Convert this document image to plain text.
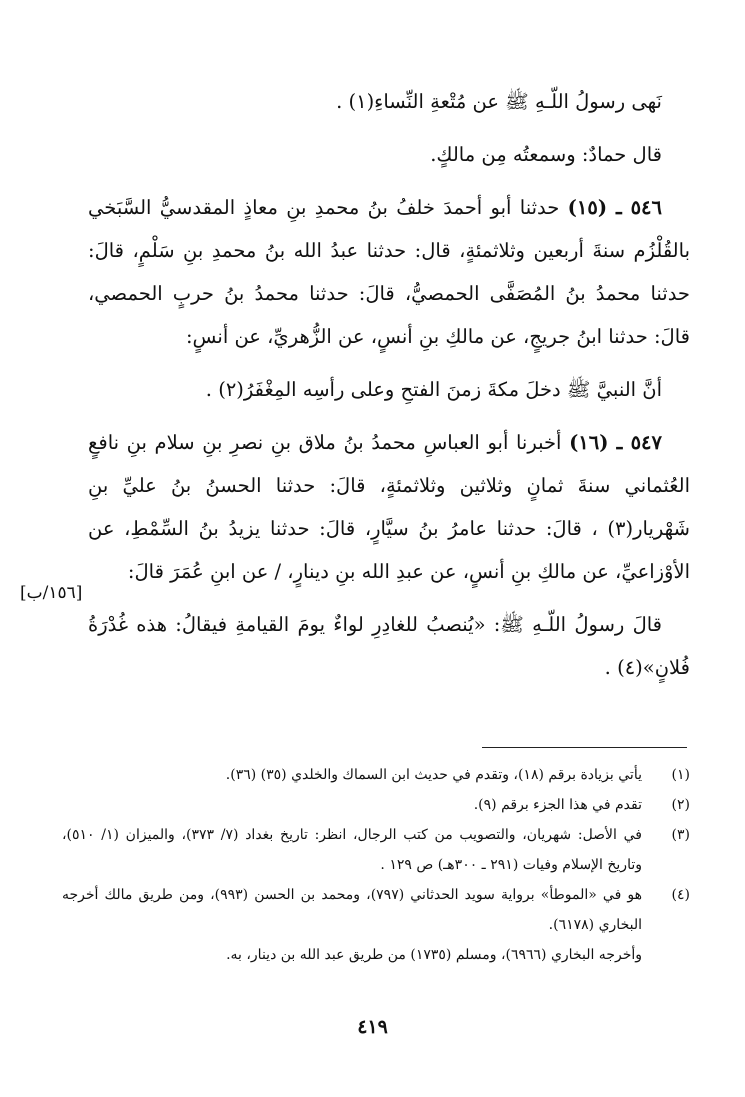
نَهى رسولُ اللّـهِ ﷺ عن مُتْعةِ النِّساءِ(١) .

قال حمادٌ: وسمعتُه مِن مالكٍ.

٥٤٦ ـ (١٥) حدثنا أبو أحمدَ خلفُ بنُ محمدِ بنِ معاذٍ المقدسيُّ السَّبَخي بالقُلْزُم سنةَ أربعين وثلاثمئةٍ، قال: حدثنا عبدُ الله بنُ محمدِ بنِ سَلْمٍ، قالَ: حدثنا محمدُ بنُ المُصَفَّى الحمصيُّ، قالَ: حدثنا محمدُ بنُ حربٍ الحمصي، قالَ: حدثنا ابنُ جريجٍ، عن مالكِ بنِ أنسٍ، عن الزُّهريِّ، عن أنسٍ:

أنَّ النبيَّ ﷺ دخلَ مكةَ زمنَ الفتحِ وعلى رأسِه المِغْفَرُ(٢) .

٥٤٧ ـ (١٦) أخبرنا أبو العباسِ محمدُ بنُ ملاق بنِ نصرِ بنِ سلام بنِ نافعٍ العُثماني سنةَ ثمانٍ وثلاثين وثلاثمئةٍ، قالَ: حدثنا الحسنُ بنُ عليِّ بنِ شَهْريار(٣) ، قالَ: حدثنا عامرُ بنُ سيَّارٍ، قالَ: حدثنا يزيدُ بنُ السِّمْطِ، عن الأوْزاعيِّ، عن مالكِ بنِ أنسٍ، عن عبدِ الله بنِ دينارٍ، / عن ابنِ عُمَرَ قالَ:

قالَ رسولُ اللّـهِ ﷺ: «يُنصبُ للغادِرِ لواءٌ يومَ القيامةِ فيقالُ: هذه غُدْرَةُ فُلانٍ»(٤) .

[١٥٦/ب]
(١)
يأتي بزيادة برقم (١٨)، وتقدم في حديث ابن السماك والخلدي (٣٥) (٣٦).
(٢)
تقدم في هذا الجزء برقم (٩).
(٣)
في الأصل: شهريان، والتصويب من كتب الرجال، انظر: تاريخ بغداد (٧/ ٣٧٣)، والميزان (١/ ٥١٠)، وتاريخ الإسلام وفيات (٢٩١ ـ ٣٠٠هـ) ص ١٢٩ .
(٤)
هو في «الموطأ» برواية سويد الحدثاني (٧٩٧)، ومحمد بن الحسن (٩٩٣)، ومن طريق مالك أخرجه البخاري (٦١٧٨).
وأخرجه البخاري (٦٩٦٦)، ومسلم (١٧٣٥) من طريق عبد الله بن دينار، به.
٤١٩
